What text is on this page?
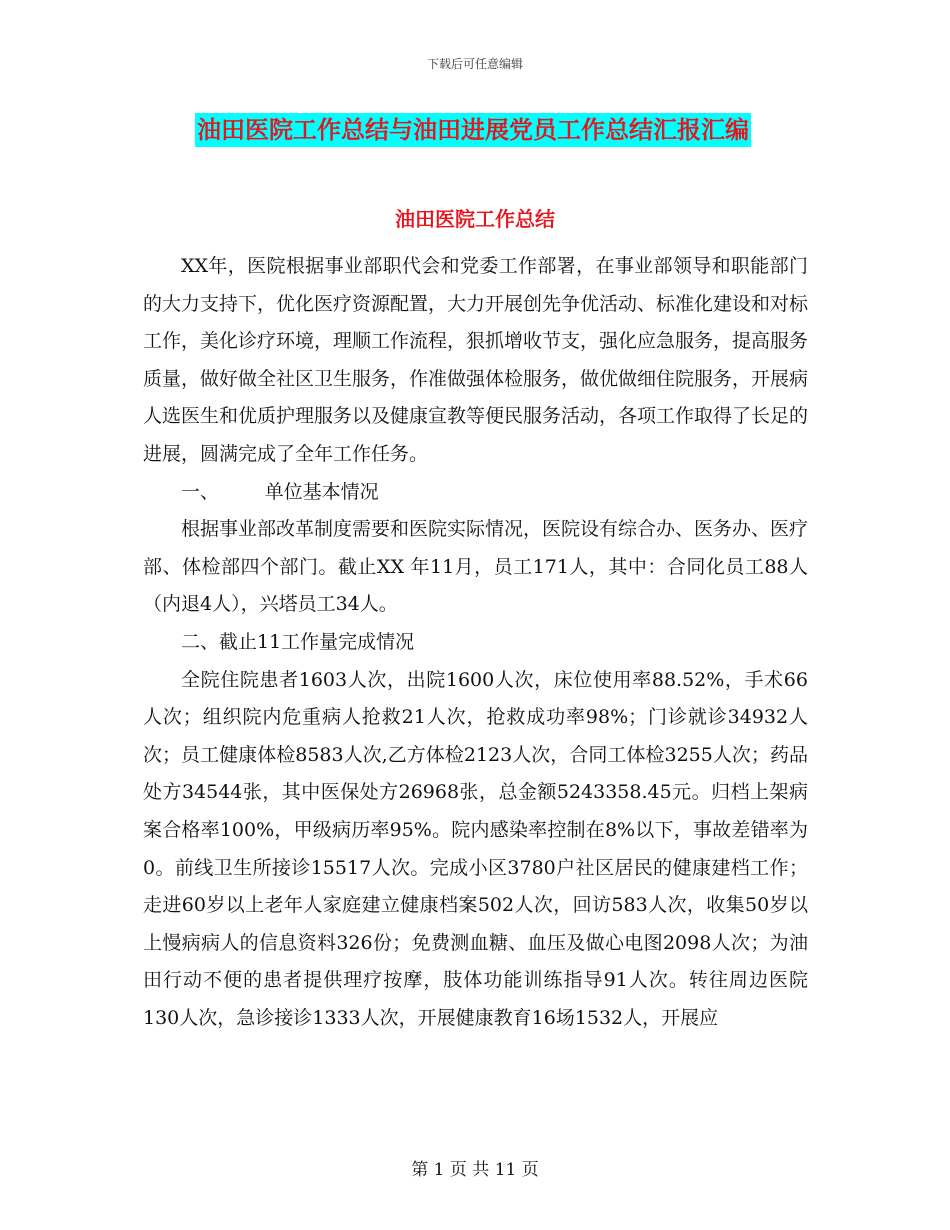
下载后可任意编辑
油田医院工作总结与油田进展党员工作总结汇报汇编
油田医院工作总结

XX年，医院根据事业部职代会和党委工作部署，在事业部领导和职能部门的大力支持下，优化医疗资源配置，大力开展创先争优活动、标准化建设和对标工作，美化诊疗环境，理顺工作流程，狠抓增收节支，强化应急服务，提高服务质量，做好做全社区卫生服务，作准做强体检服务，做优做细住院服务，开展病人选医生和优质护理服务以及健康宣教等便民服务活动，各项工作取得了长足的进展，圆满完成了全年工作任务。

一、	单位基本情况

根据事业部改革制度需要和医院实际情况，医院设有综合办、医务办、医疗部、体检部四个部门。截止XX 年11月，员工171人，其中：合同化员工88人（内退4人），兴塔员工34人。

二、截止11工作量完成情况

全院住院患者1603人次，出院1600人次，床位使用率88.52%，手术66人次；组织院内危重病人抢救21人次，抢救成功率98%；门诊就诊34932人次；员工健康体检8583人次,乙方体检2123人次，合同工体检3255人次；药品处方34544张，其中医保处方26968张，总金额5243358.45元。归档上架病案合格率100%，甲级病历率95%。院内感染率控制在8%以下，事故差错率为0。前线卫生所接诊15517人次。完成小区3780户社区居民的健康建档工作；走进60岁以上老年人家庭建立健康档案502人次，回访583人次，收集50岁以上慢病病人的信息资料326份；免费测血糖、血压及做心电图2098人次；为油田行动不便的患者提供理疗按摩，肢体功能训练指导91人次。转往周边医院130人次，急诊接诊1333人次，开展健康教育16场1532人，开展应

第 1 页 共 11 页
